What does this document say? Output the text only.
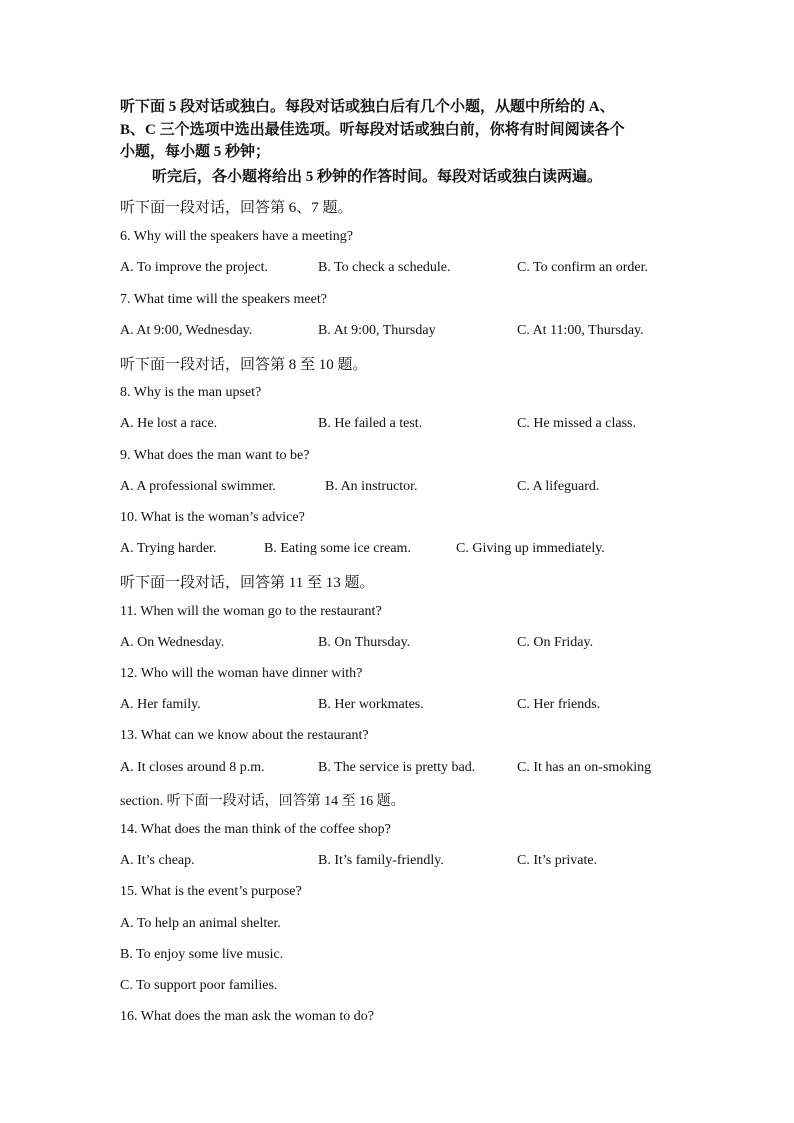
听下面 5 段对话或独白。每段对话或独白后有几个小题，从题中所给的 A、
B、C 三个选项中选出最佳选项。听每段对话或独白前，你将有时间阅读各个
小题，每小题 5 秒钟；
听完后，各小题将给出 5 秒钟的作答时间。每段对话或独白读两遍。
听下面一段对话，回答第 6、7 题。
6. Why will the speakers have a meeting?
A. To improve the project.	B. To check a schedule.	C. To confirm an order.
7. What time will the speakers meet?
A. At 9:00, Wednesday.	B. At 9:00, Thursday	C. At 11:00, Thursday.
听下面一段对话，回答第 8 至 10 题。
8. Why is the man upset?
A. He lost a race.	B. He failed a test.	C. He missed a class.
9. What does the man want to be?
A. A professional swimmer.	B. An instructor.	C. A lifeguard.
10. What is the woman’s advice?
A. Trying harder.	B. Eating some ice cream.	C. Giving up immediately.
听下面一段对话，回答第 11 至 13 题。
11. When will the woman go to the restaurant?
A. On Wednesday.	B. On Thursday.	C. On Friday.
12. Who will the woman have dinner with?
A. Her family.	B. Her workmates.	C. Her friends.
13. What can we know about the restaurant?
A. It closes around 8 p.m.	B. The service is pretty bad.	C. It has an on-smoking
section. 听下面一段对话，回答第 14 至 16 题。
14. What does the man think of the coffee shop?
A. It’s cheap.	B. It’s family-friendly.	C. It’s private.
15. What is the event’s purpose?
A. To help an animal shelter.
B. To enjoy some live music.
C. To support poor families.
16. What does the man ask the woman to do?
